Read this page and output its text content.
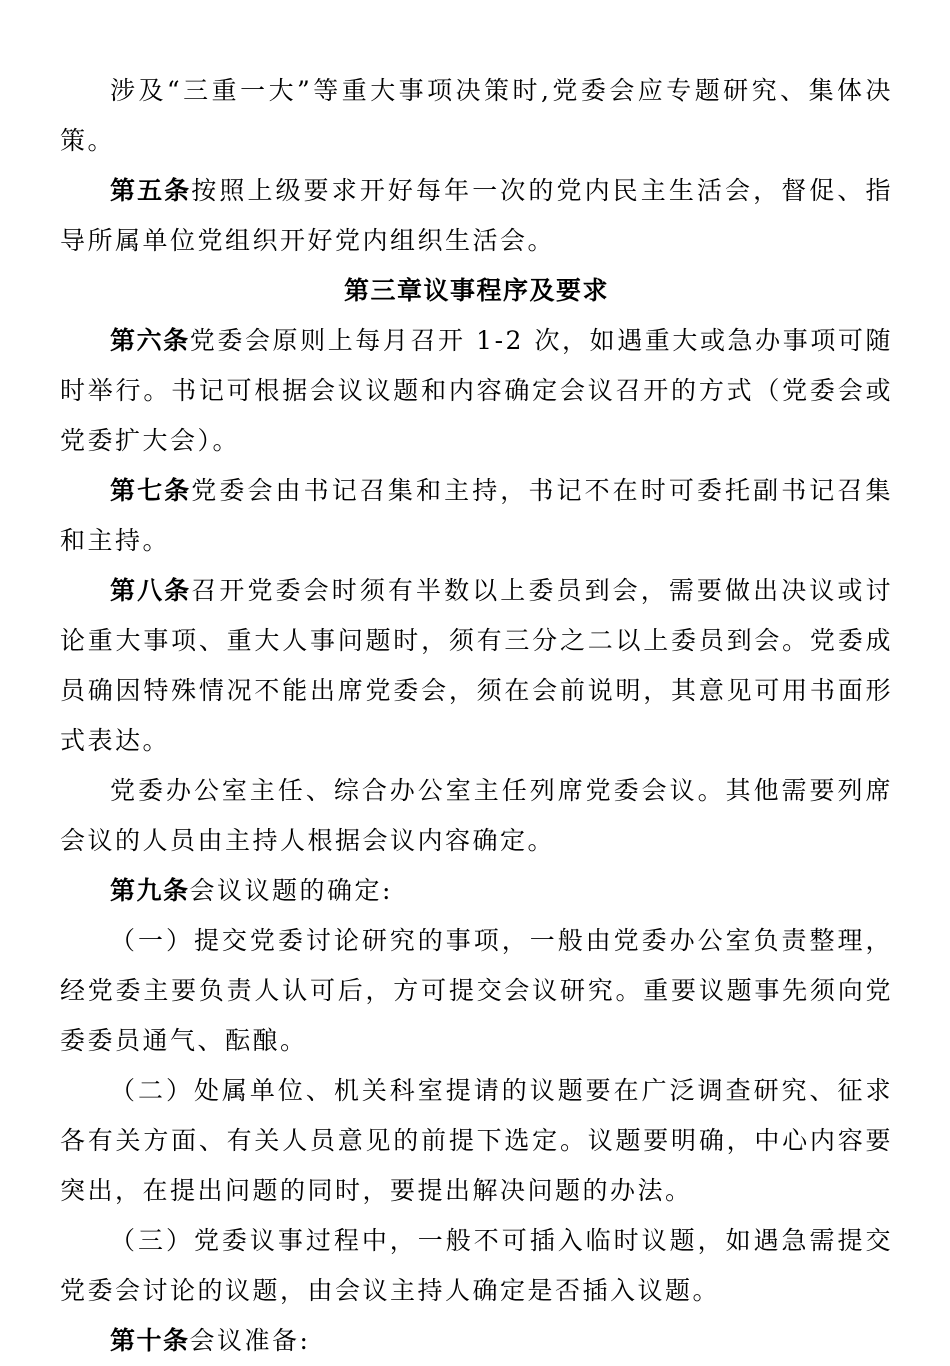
涉及“三重一大”等重大事项决策时,党委会应专题研究、集体决策。

第五条按照上级要求开好每年一次的党内民主生活会，督促、指导所属单位党组织开好党内组织生活会。

第三章议事程序及要求

第六条党委会原则上每月召开 1-2 次，如遇重大或急办事项可随时举行。书记可根据会议议题和内容确定会议召开的方式（党委会或党委扩大会）。

第七条党委会由书记召集和主持，书记不在时可委托副书记召集和主持。

第八条召开党委会时须有半数以上委员到会，需要做出决议或讨论重大事项、重大人事问题时，须有三分之二以上委员到会。党委成员确因特殊情况不能出席党委会，须在会前说明，其意见可用书面形式表达。

党委办公室主任、综合办公室主任列席党委会议。其他需要列席会议的人员由主持人根据会议内容确定。

第九条会议议题的确定:

（一）提交党委讨论研究的事项，一般由党委办公室负责整理，经党委主要负责人认可后，方可提交会议研究。重要议题事先须向党委委员通气、酝酿。

（二）处属单位、机关科室提请的议题要在广泛调查研究、征求各有关方面、有关人员意见的前提下选定。议题要明确，中心内容要突出，在提出问题的同时，要提出解决问题的办法。

（三）党委议事过程中，一般不可插入临时议题，如遇急需提交党委会讨论的议题，由会议主持人确定是否插入议题。

第十条会议准备:
